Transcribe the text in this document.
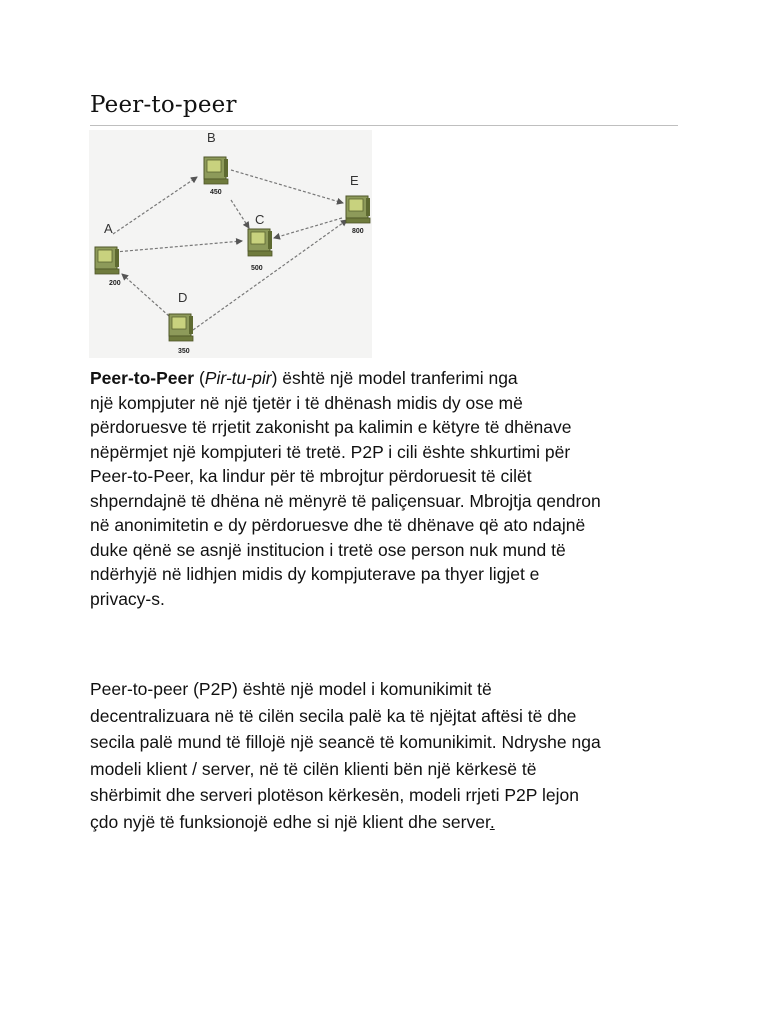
Peer-to-peer
A
200
B
450
C
500
D
350
E
800

Peer-to-Peer (Pir-tu-pir) është një model tranferimi nga
një kompjuter në një tjetër i të dhënash midis dy ose më
përdoruesve të rrjetit zakonisht pa kalimin e këtyre të dhënave
nëpërmjet një kompjuteri të tretë. P2P i cili ështe shkurtimi për
Peer-to-Peer, ka lindur për të mbrojtur përdoruesit të cilët
shperndajnë të dhëna në mënyrë të paliçensuar. Mbrojtja qendron
në anonimitetin e dy përdoruesve dhe të dhënave që ato ndajnë
duke qënë se asnjë institucion i tretë ose person nuk mund të
ndërhyjë në lidhjen midis dy kompjuterave pa thyer ligjet e
privacy-s.

Peer-to-peer (P2P) është një model i komunikimit të
decentralizuara në të cilën secila palë ka të njëjtat aftësi të dhe
secila palë mund të fillojë një seancë të komunikimit. Ndryshe nga
modeli klient / server, në të cilën klienti bën një kërkesë të
shërbimit dhe serveri plotëson kërkesën, modeli rrjeti P2P lejon
çdo nyjë të funksionojë edhe si një klient dhe server.
